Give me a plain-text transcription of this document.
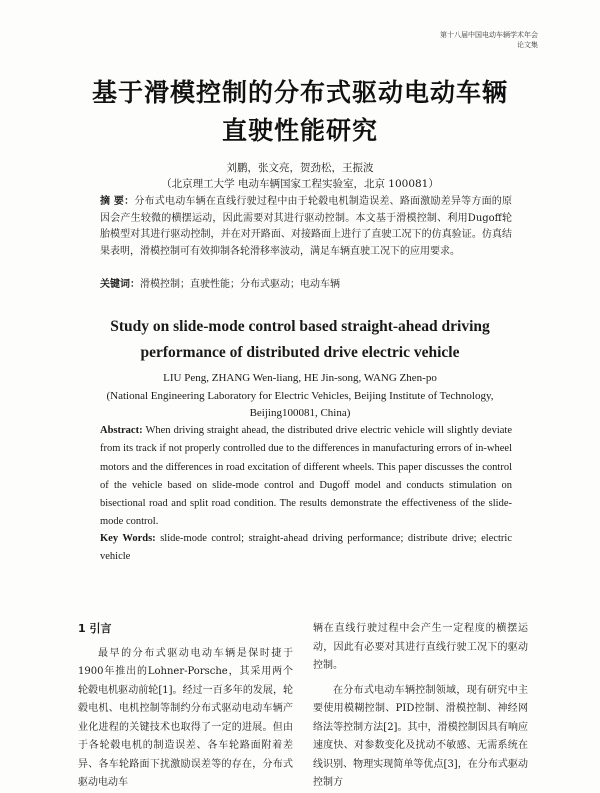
第十八届中国电动车辆学术年会
论文集
基于滑模控制的分布式驱动电动车辆
直驶性能研究
刘鹏，张文亮，贺劲松，王振波
（北京理工大学 电动车辆国家工程实验室，北京 100081）
摘 要：分布式电动车辆在直线行驶过程中由于轮毂电机制造误差、路面激励差异等方面的原因会产生较微的横摆运动，因此需要对其进行驱动控制。本文基于滑模控制、利用Dugoff轮胎模型对其进行驱动控制，并在对开路面、对接路面上进行了直驶工况下的仿真验证。仿真结果表明，滑模控制可有效抑制各轮滑移率波动，满足车辆直驶工况下的应用要求。
关键词：滑模控制；直驶性能；分布式驱动；电动车辆
Study on slide-mode control based straight-ahead driving
performance of distributed drive electric vehicle
LIU Peng, ZHANG Wen-liang, HE Jin-song, WANG Zhen-po
(National Engineering Laboratory for Electric Vehicles, Beijing Institute of Technology,
Beijing100081, China)
Abstract: When driving straight ahead, the distributed drive electric vehicle will slightly deviate from its track if not properly controlled due to the differences in manufacturing errors of in-wheel motors and the differences in road excitation of different wheels. This paper discusses the control of the vehicle based on slide-mode control and Dugoff model and conducts stimulation on bisectional road and split road condition. The results demonstrate the effectiveness of the slide-mode control.
Key Words: slide-mode control; straight-ahead driving performance; distribute drive; electric vehicle
1 引言

最早的分布式驱动电动车辆是保时捷于1900年推出的Lohner-Porsche，其采用两个轮毂电机驱动前轮[1]。经过一百多年的发展，轮毂电机、电机控制等制约分布式驱动电动车辆产业化进程的关键技术也取得了一定的进展。但由于各轮毂电机的制造误差、各车轮路面附着差异、各车轮路面下扰激励误差等的存在，分布式驱动电动车

辆在直线行驶过程中会产生一定程度的横摆运动，因此有必要对其进行直线行驶工况下的驱动控制。

在分布式电动车辆控制领域，现有研究中主要使用模糊控制、PID控制、滑模控制、神经网络法等控制方法[2]。其中，滑模控制因具有响应速度快、对参数变化及扰动不敏感、无需系统在线识别、物理实现简单等优点[3]，在分布式驱动控制方
